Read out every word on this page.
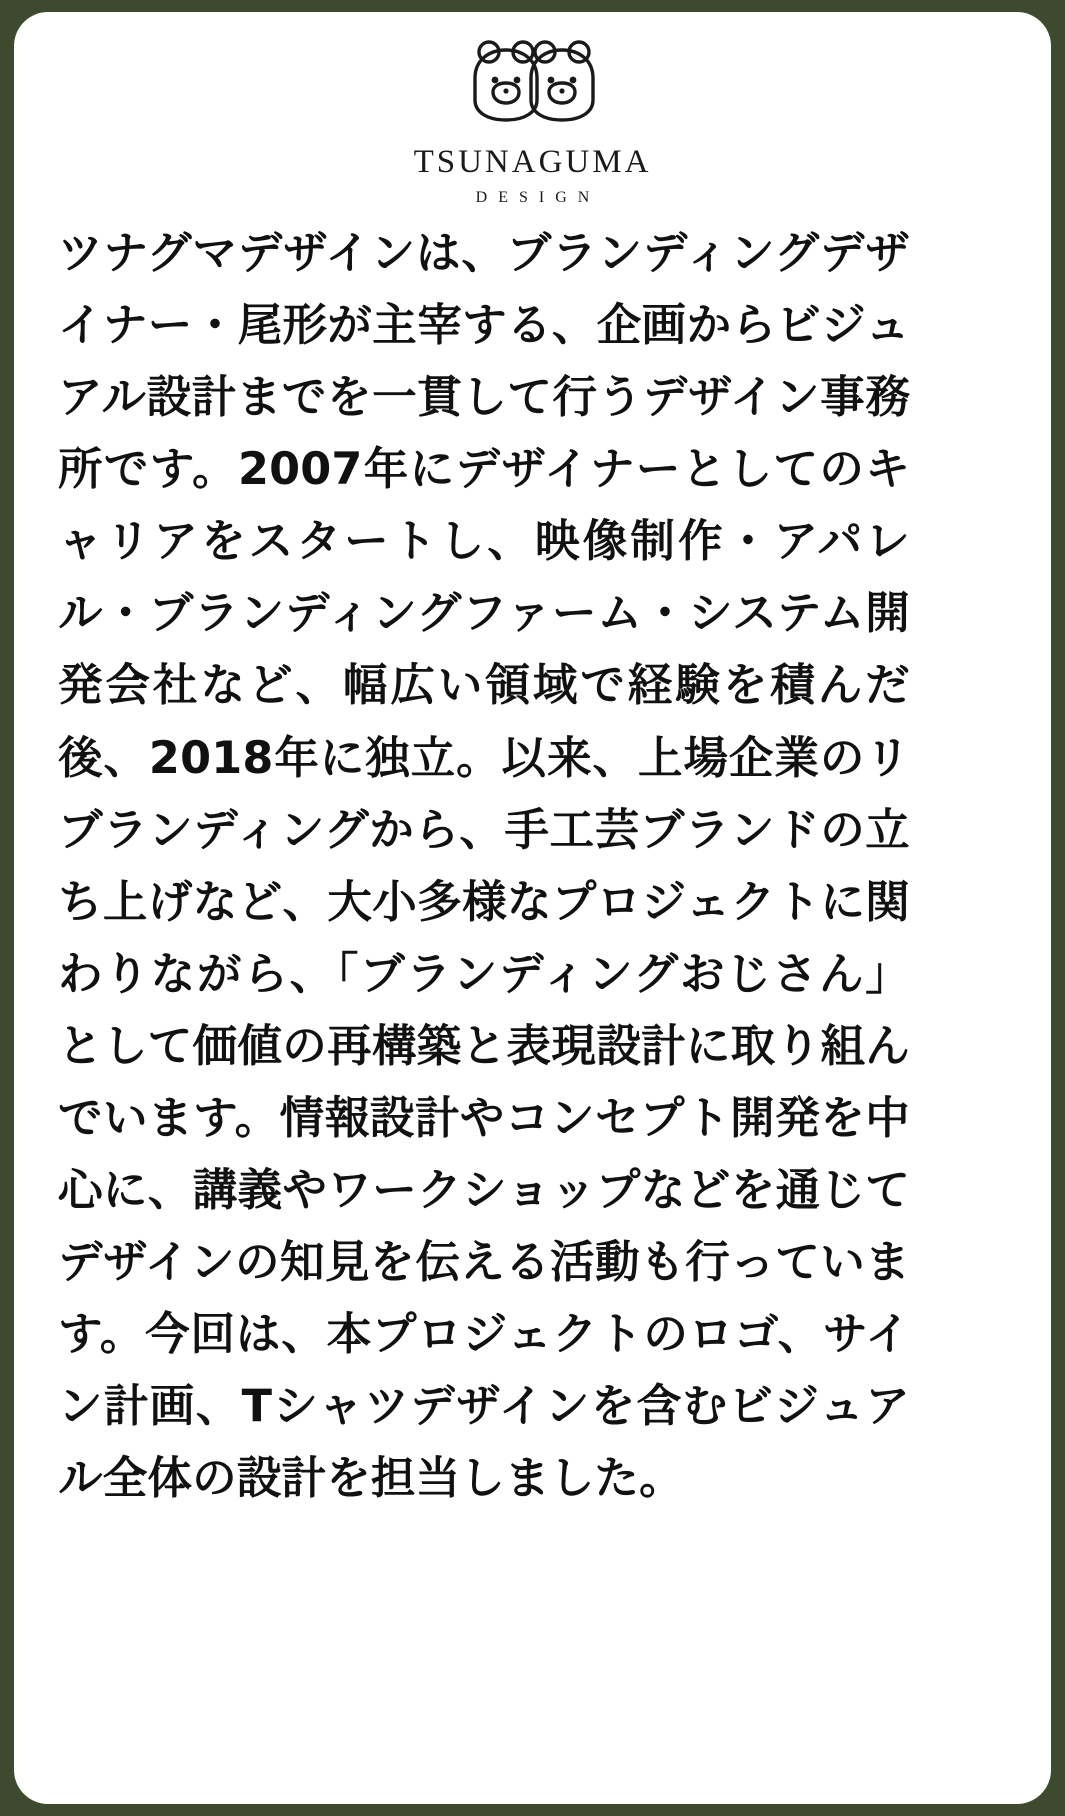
TSUNAGUMA
DESIGN
ツナグマデザインは、ブランディングデザイナー・尾形が主宰する、企画からビジュアル設計までを一貫して行うデザイン事務所です。2007年にデザイナーとしてのキャリアをスタートし、映像制作・アパレル・ブランディングファーム・システム開発会社など、幅広い領域で経験を積んだ後、2018年に独立。以来、上場企業のリブランディングから、手工芸ブランドの立ち上げなど、大小多様なプロジェクトに関わりながら、「ブランディングおじさん」として価値の再構築と表現設計に取り組んでいます。情報設計やコンセプト開発を中心に、講義やワークショップなどを通じてデザインの知見を伝える活動も行っています。今回は、本プロジェクトのロゴ、サイン計画、Tシャツデザインを含むビジュアル全体の設計を担当しました。
